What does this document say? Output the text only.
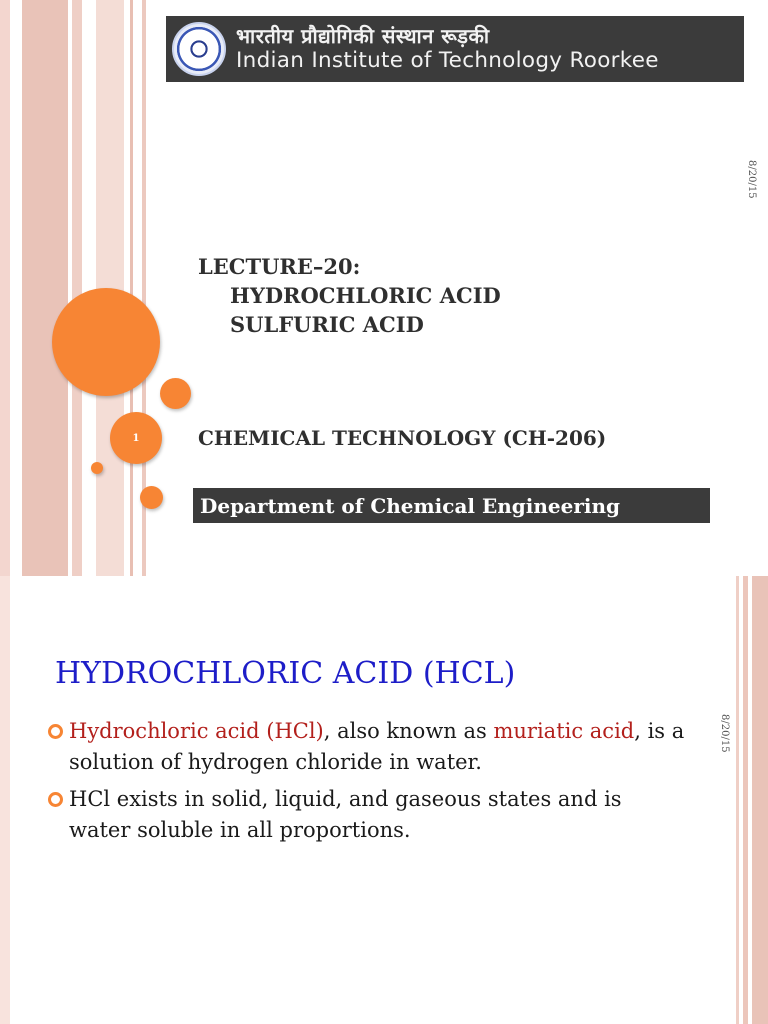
भारतीय प्रौद्योगिकी संस्थान रूड़की
Indian Institute of Technology Roorkee
8/20/15
LECTURE–20:
HYDROCHLORIC ACID
SULFURIC ACID
CHEMICAL TECHNOLOGY (CH-206)
Department of Chemical Engineering
1
HYDROCHLORIC ACID (HCL)
8/20/15
Hydrochloric acid (HCl), also known as muriatic acid, is a solution of hydrogen chloride in water.
HCl exists in solid, liquid, and gaseous states and is water soluble in all proportions.
